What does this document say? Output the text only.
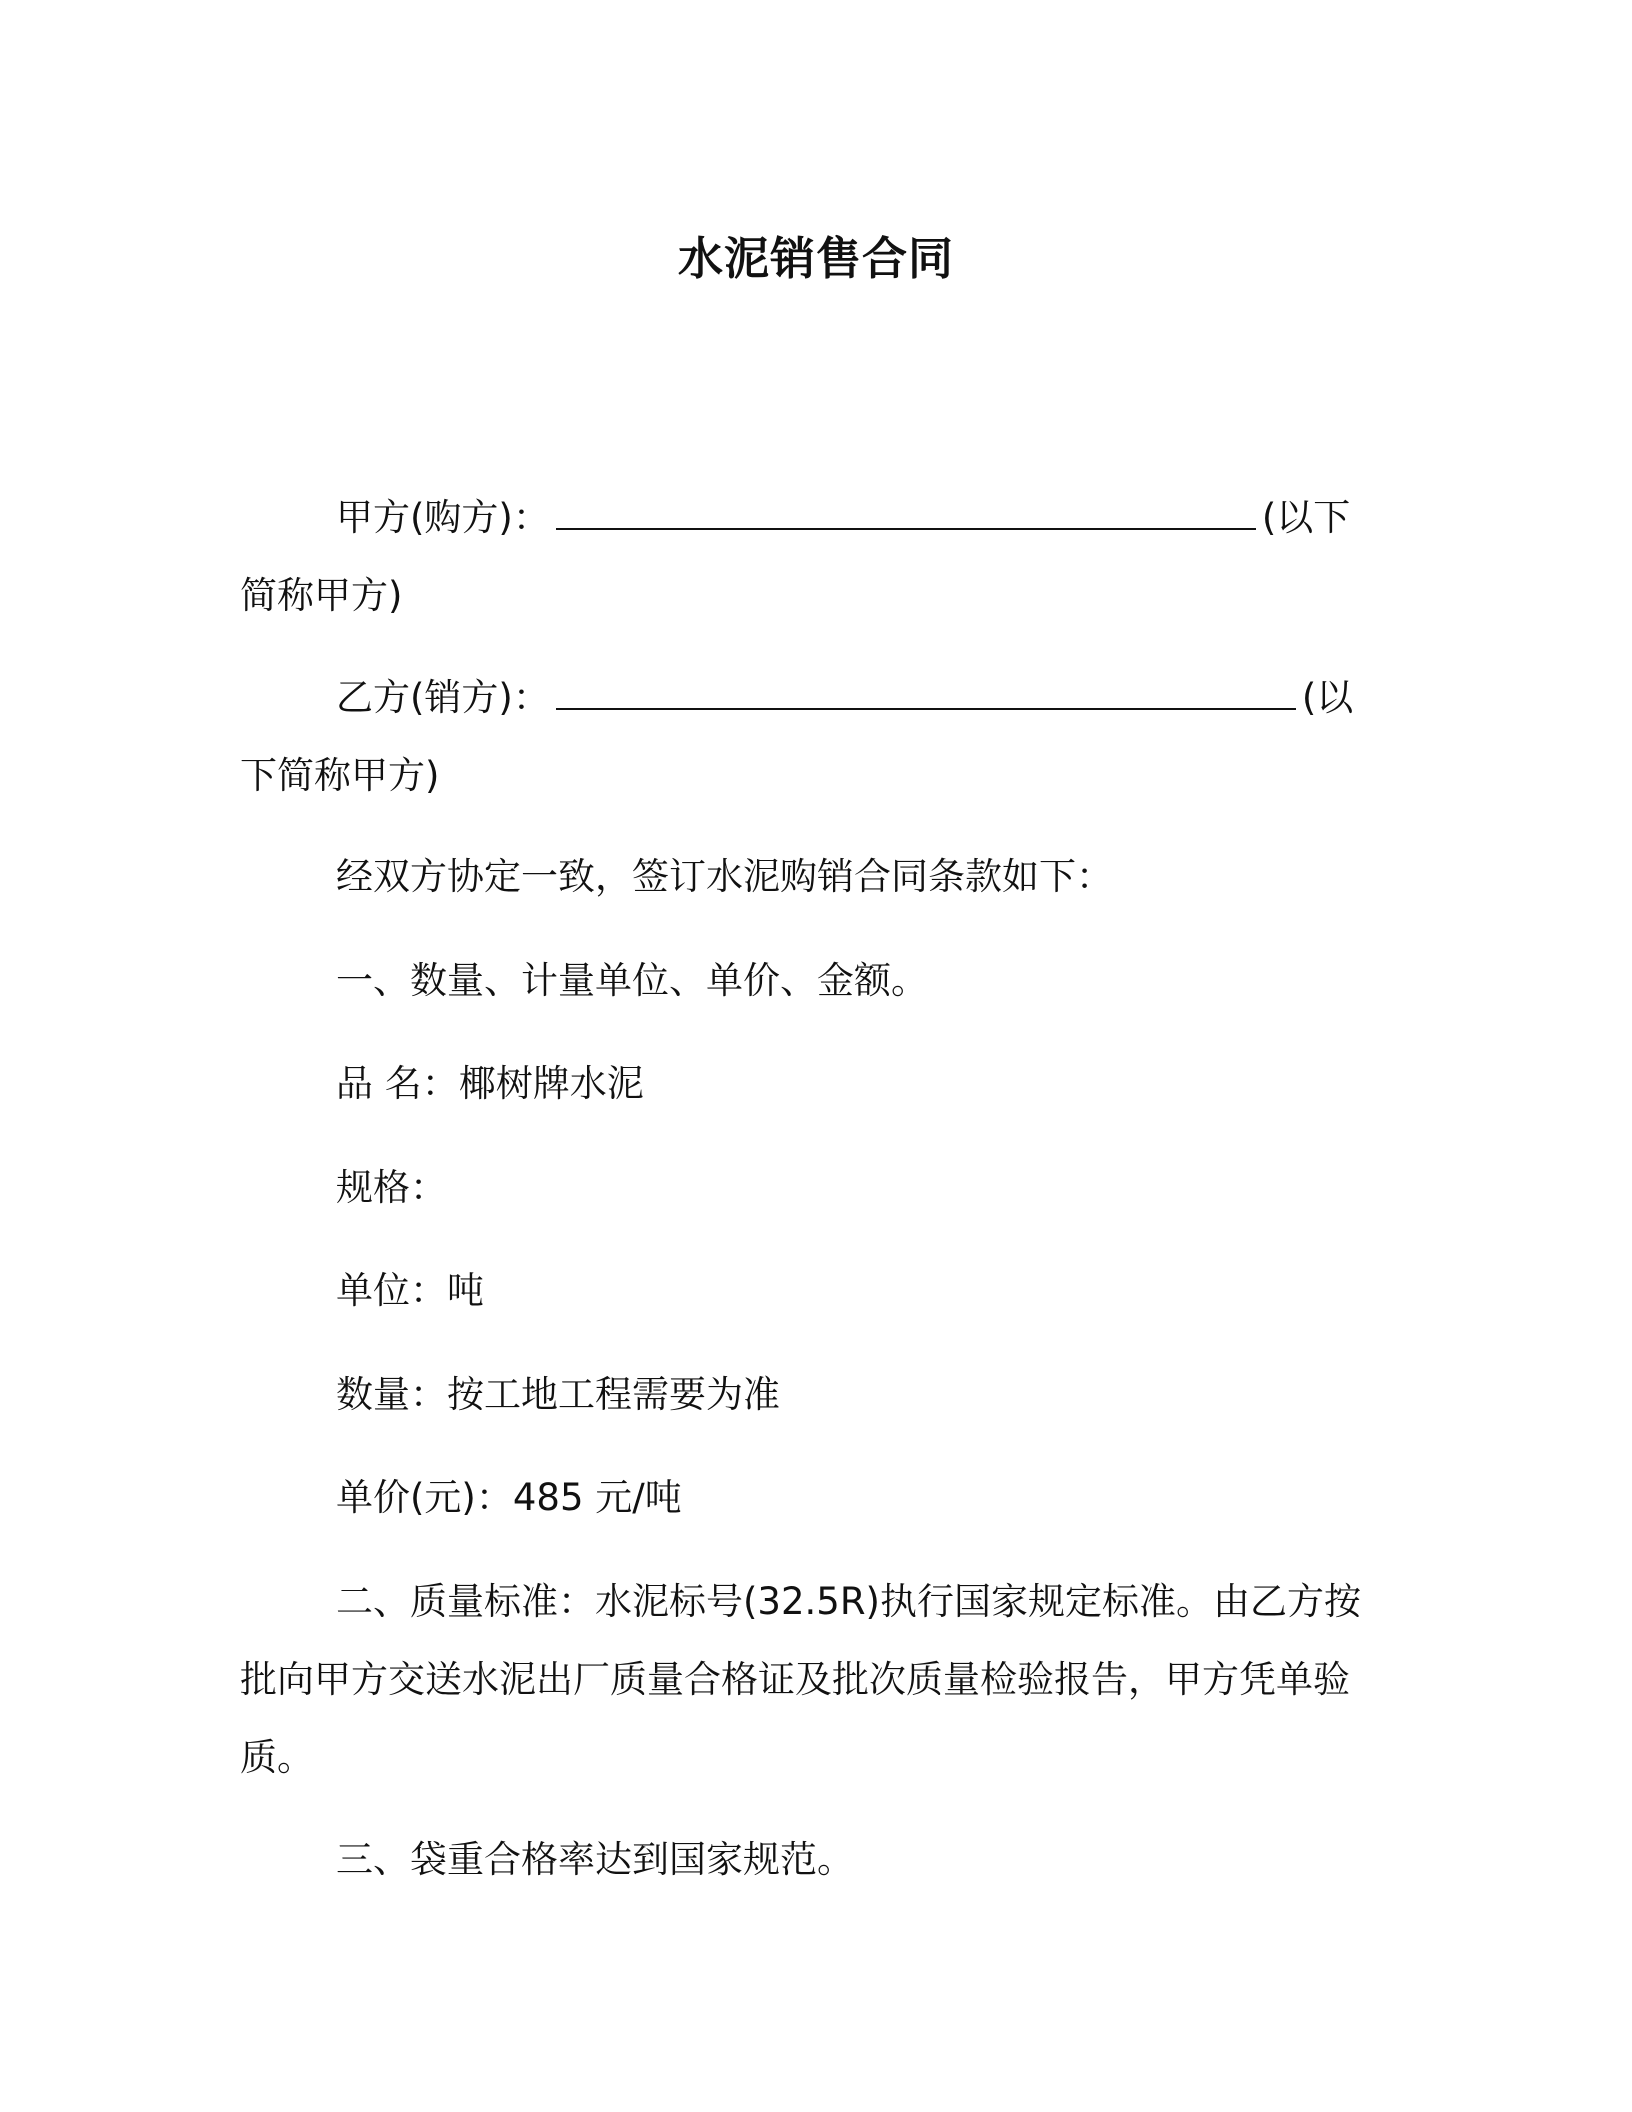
水泥销售合同

甲方(购方)：	(以下
简称甲方)

乙方(销方)：	(以
下简称甲方)

经双方协定一致，签订水泥购销合同条款如下：

一、数量、计量单位、单价、金额。

品 名：椰树牌水泥

规格：

单位：吨

数量：按工地工程需要为准

单价(元)：485 元/吨

二、质量标准：水泥标号(32.5R)执行国家规定标准。由乙方按
批向甲方交送水泥出厂质量合格证及批次质量检验报告，甲方凭单验
质。

三、袋重合格率达到国家规范。
